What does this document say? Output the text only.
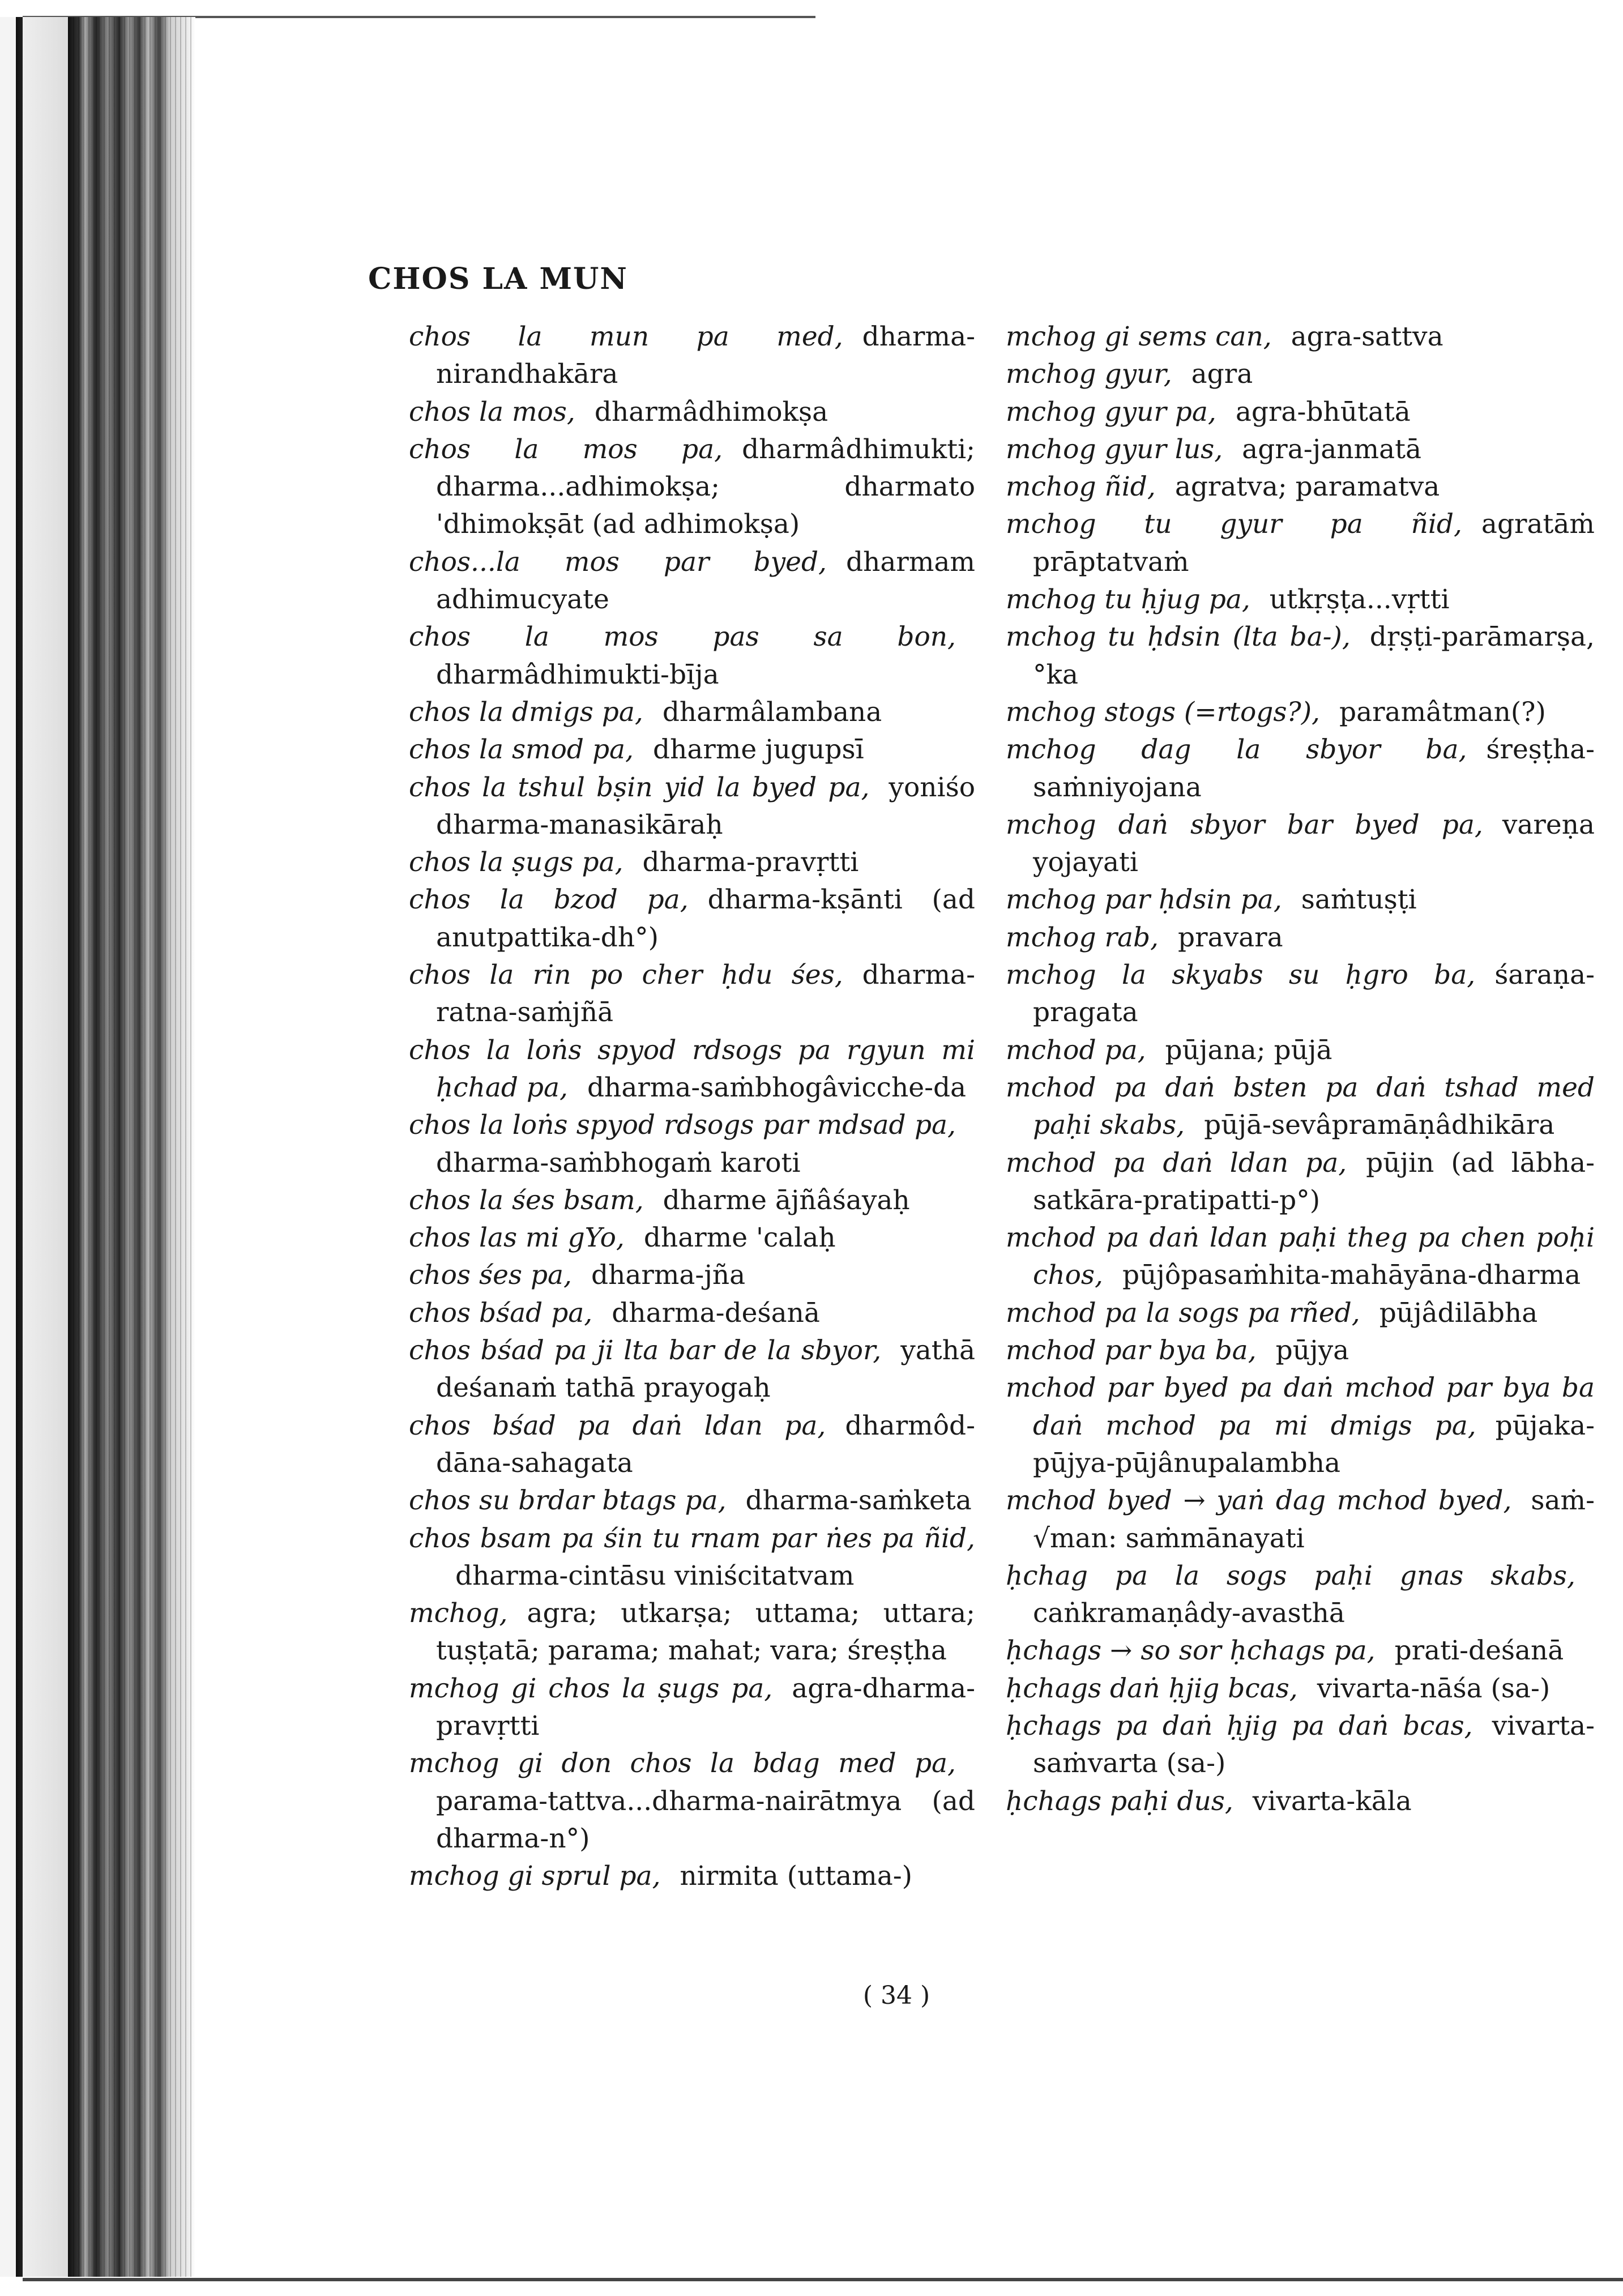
CHOS LA MUN

chos la mun pa med, dharma-nirandhakāra

chos la mos, dharmâdhimokṣa

chos la mos pa, dharmâdhimukti; dharma...adhimokṣa; dharmato 'dhimokṣāt (ad adhimokṣa)

chos...la mos par byed, dharmam adhimucyate

chos la mos pas sa bon,dharmâdhimukti-bīja

chos la dmigs pa, dharmâlambana

chos la smod pa, dharme jugupsī

chos la tshul bṣin yid la byed pa, yoniśo dharma-manasikāraḥ

chos la ṣugs pa, dharma-pravṛtti

chos la bzod pa, dharma-kṣānti (ad anutpattika-dh°)

chos la rin po cher ḥdu śes, dharma-ratna-saṁjñā

chos la loṅs spyod rdsogs pa rgyun mi ḥchad pa, dharma-saṁbhogâvicche-da

chos la loṅs spyod rdsogs par mdsad pa,dharma-saṁbhogaṁ karoti

chos la śes bsam, dharme ājñâśayaḥ

chos las mi gYo, dharme 'calaḥ

chos śes pa, dharma-jña

chos bśad pa, dharma-deśanā

chos bśad pa ji lta bar de la sbyor, yathā deśanaṁ tathā prayogaḥ

chos bśad pa daṅ ldan pa, dharmôd-dāna-sahagata

chos su brdar btags pa, dharma-saṁketa

chos bsam pa śin tu rnam par ṅes pa ñid,dharma-cintāsu viniścitatvam

mchog, agra; utkarṣa; uttama; uttara; tuṣṭatā; parama; mahat; vara; śreṣṭha

mchog gi chos la ṣugs pa, agra-dharma-pravṛtti

mchog gi don chos la bdag med pa,parama-tattva...dharma-nairātmya (ad dharma-n°)

mchog gi sprul pa, nirmita (uttama-)

mchog gi sems can, agra-sattva

mchog gyur, agra

mchog gyur pa, agra-bhūtatā

mchog gyur lus, agra-janmatā

mchog ñid, agratva; paramatva

mchog tu gyur pa ñid, agratāṁ prāptatvaṁ

mchog tu ḥjug pa, utkṛṣṭa...vṛtti

mchog tu ḥdsin (lta ba-), dṛṣṭi-parāmarṣa, °ka

mchog stogs (=rtogs?), paramâtman(?)

mchog dag la sbyor ba, śreṣṭha-saṁniyojana

mchog daṅ sbyor bar byed pa, vareṇa yojayati

mchog par ḥdsin pa, saṁtuṣṭi

mchog rab, pravara

mchog la skyabs su ḥgro ba, śaraṇa-pragata

mchod pa, pūjana; pūjā

mchod pa daṅ bsten pa daṅ tshad med paḥi skabs, pūjā-sevâpramāṇâdhikāra

mchod pa daṅ ldan pa, pūjin (ad lābha-satkāra-pratipatti-p°)

mchod pa daṅ ldan paḥi theg pa chen poḥi chos, pūjôpasaṁhita-mahāyāna-dharma

mchod pa la sogs pa rñed, pūjâdilābha

mchod par bya ba, pūjya

mchod par byed pa daṅ mchod par bya ba daṅ mchod pa mi dmigs pa, pūjaka-pūjya-pūjânupalambha

mchod byed → yaṅ dag mchod byed, saṁ-√man: saṁmānayati

ḥchag pa la sogs paḥi gnas skabs,caṅkramaṇâdy-avasthā

ḥchags → so sor ḥchags pa, prati-deśanā

ḥchags daṅ ḥjig bcas, vivarta-nāśa (sa-)

ḥchags pa daṅ ḥjig pa daṅ bcas, vivarta-saṁvarta (sa-)

ḥchags paḥi dus, vivarta-kāla

( 34 )
